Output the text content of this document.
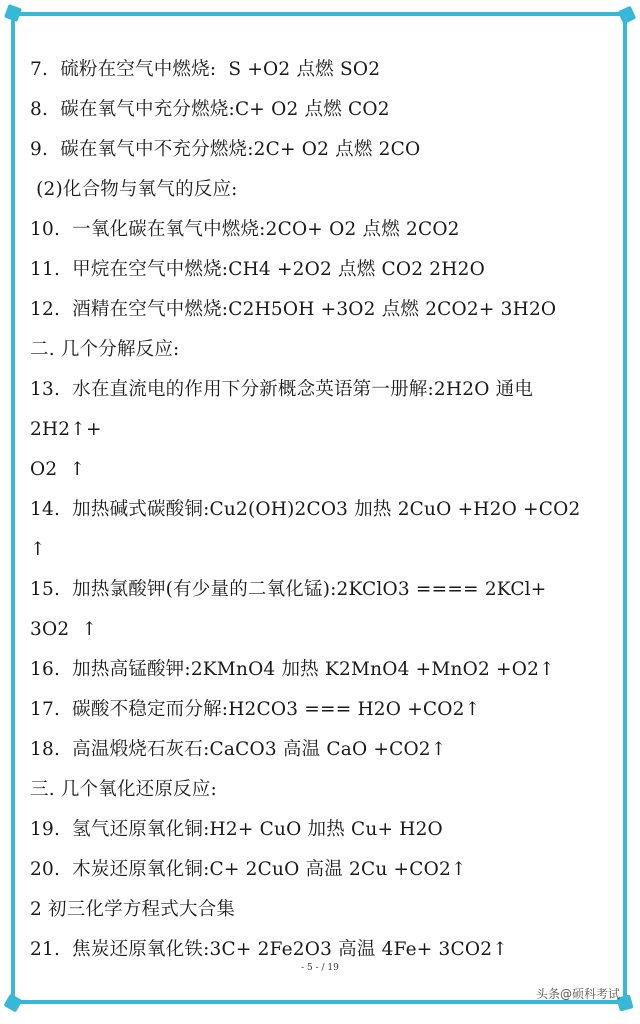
7.  硫粉在空气中燃烧:  S +O2 点燃 SO2
8.  碳在氧气中充分燃烧:C+ O2 点燃 CO2
9.  碳在氧气中不充分燃烧:2C+ O2 点燃 2CO
(2)化合物与氧气的反应:
10.  一氧化碳在氧气中燃烧:2CO+ O2 点燃 2CO2
11.  甲烷在空气中燃烧:CH4 +2O2 点燃 CO2 2H2O
12.  酒精在空气中燃烧:C2H5OH +3O2 点燃 2CO2+ 3H2O
二. 几个分解反应:
13.  水在直流电的作用下分新概念英语第一册解:2H2O 通电
2H2↑+
O2  ↑
14.  加热碱式碳酸铜:Cu2(OH)2CO3 加热 2CuO +H2O +CO2
↑
15.  加热氯酸钾(有少量的二氧化锰):2KClO3 ==== 2KCl+
3O2  ↑
16.  加热高锰酸钾:2KMnO4 加热 K2MnO4 +MnO2 +O2↑
17.  碳酸不稳定而分解:H2CO3 === H2O +CO2↑
18.  高温煅烧石灰石:CaCO3 高温 CaO +CO2↑
三. 几个氧化还原反应:
19.  氢气还原氧化铜:H2+ CuO 加热 Cu+ H2O
20.  木炭还原氧化铜:C+ 2CuO 高温 2Cu +CO2↑
2 初三化学方程式大合集
21.  焦炭还原氧化铁:3C+ 2Fe2O3 高温 4Fe+ 3CO2↑
- 5 - / 19
头条@硕科考试
